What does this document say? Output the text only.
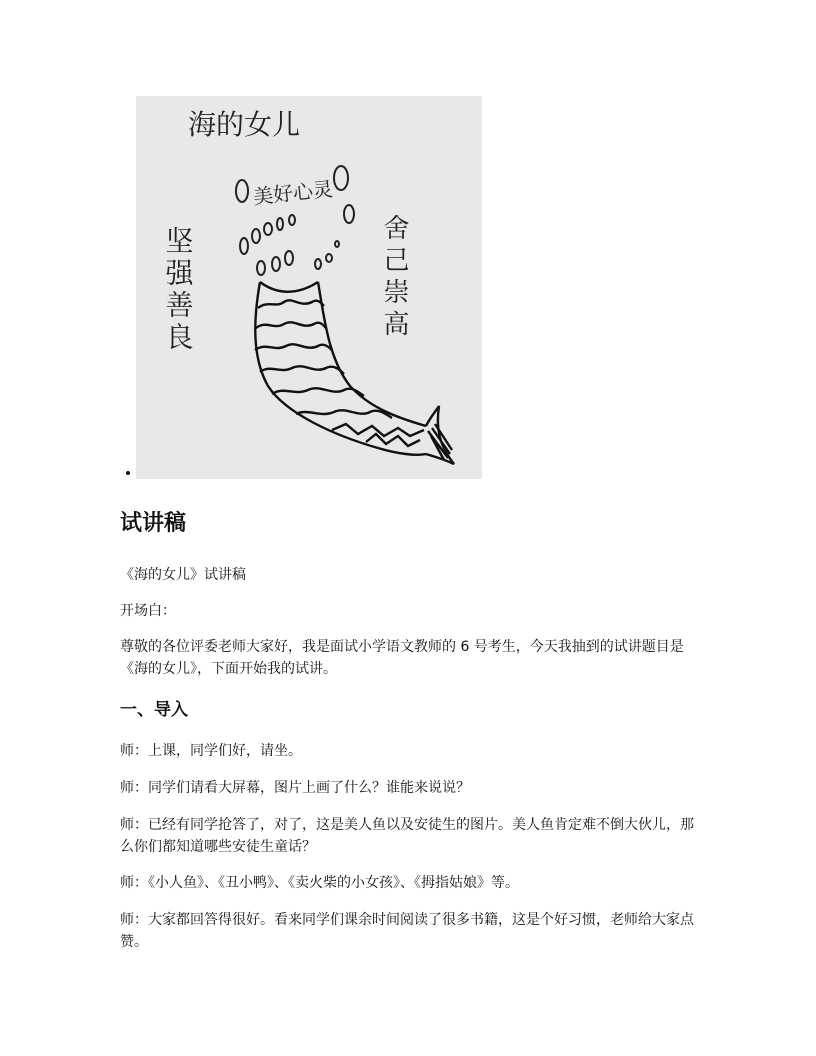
海的女儿
美好心灵
坚强善良	舍己崇高
试讲稿

《海的女儿》试讲稿

开场白：

尊敬的各位评委老师大家好，我是面试小学语文教师的 6 号考生，今天我抽到的试讲题目是《海的女儿》，下面开始我的试讲。

一、导入

师：上课，同学们好，请坐。

师：同学们请看大屏幕，图片上画了什么？谁能来说说？

师：已经有同学抢答了，对了，这是美人鱼以及安徒生的图片。美人鱼肯定难不倒大伙儿，那么你们都知道哪些安徒生童话？

师：《小人鱼》、《丑小鸭》、《卖火柴的小女孩》、《拇指姑娘》等。

师：大家都回答得很好。看来同学们课余时间阅读了很多书籍，这是个好习惯，老师给大家点赞。
